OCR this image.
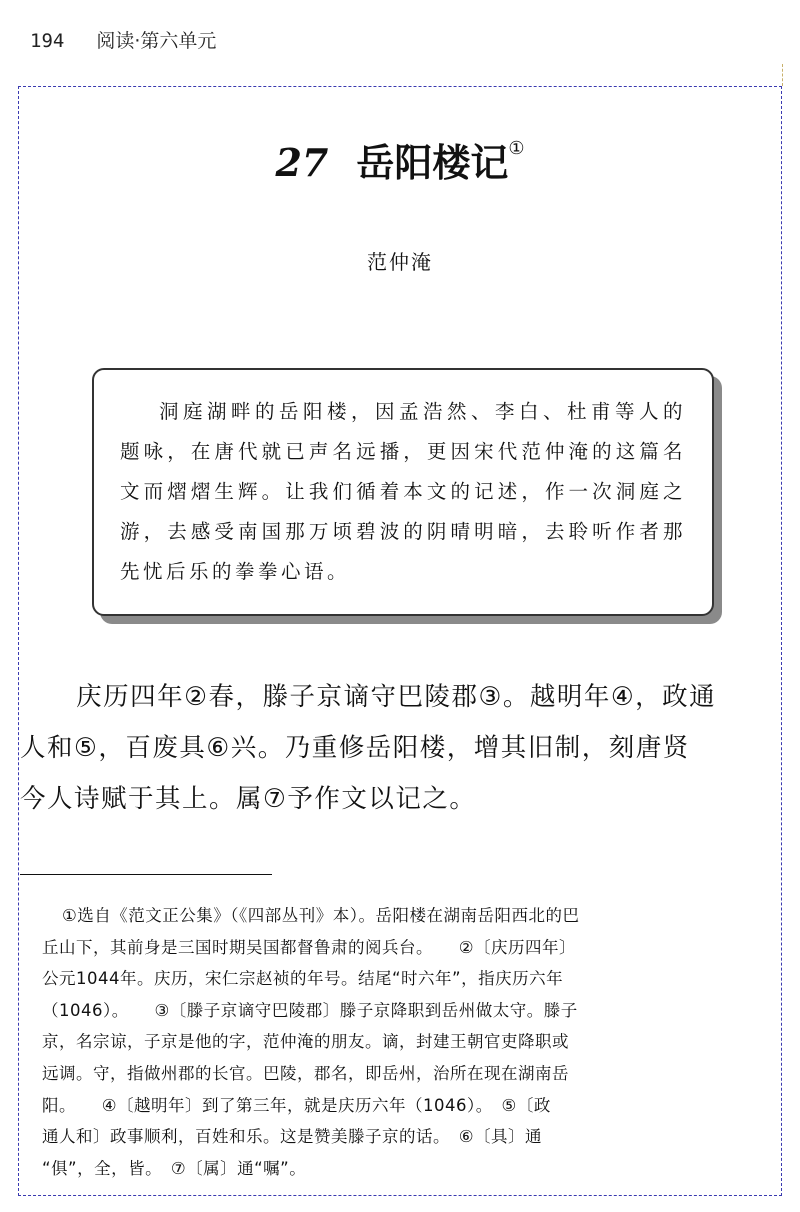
194 阅读·第六单元
27 岳阳楼记①
范仲淹

洞庭湖畔的岳阳楼，因孟浩然、李白、杜甫等人的题咏，在唐代就已声名远播，更因宋代范仲淹的这篇名文而熠熠生辉。让我们循着本文的记述，作一次洞庭之游，去感受南国那万顷碧波的阴晴明暗，去聆听作者那先忧后乐的拳拳心语。

庆历四年②春，滕子京谪守巴陵郡③。越明年④，政通
人和⑤，百废具⑥兴。乃重修岳阳楼，增其旧制，刻唐贤
今人诗赋于其上。属⑦予作文以记之。

①选自《范文正公集》（《四部丛刊》本）。岳阳楼在湖南岳阳西北的巴
丘山下，其前身是三国时期吴国都督鲁肃的阅兵台。　　②〔庆历四年〕
公元1044年。庆历，宋仁宗赵祯的年号。结尾“时六年”，指庆历六年
（1046）。　　③〔滕子京谪守巴陵郡〕滕子京降职到岳州做太守。滕子
京，名宗谅，子京是他的字，范仲淹的朋友。谪，封建王朝官吏降职或
远调。守，指做州郡的长官。巴陵，郡名，即岳州，治所在现在湖南岳
阳。　　④〔越明年〕到了第三年，就是庆历六年（1046）。　⑤〔政
通人和〕政事顺利，百姓和乐。这是赞美滕子京的话。　⑥〔具〕通
“俱”，全，皆。　⑦〔属〕通“嘱”。
